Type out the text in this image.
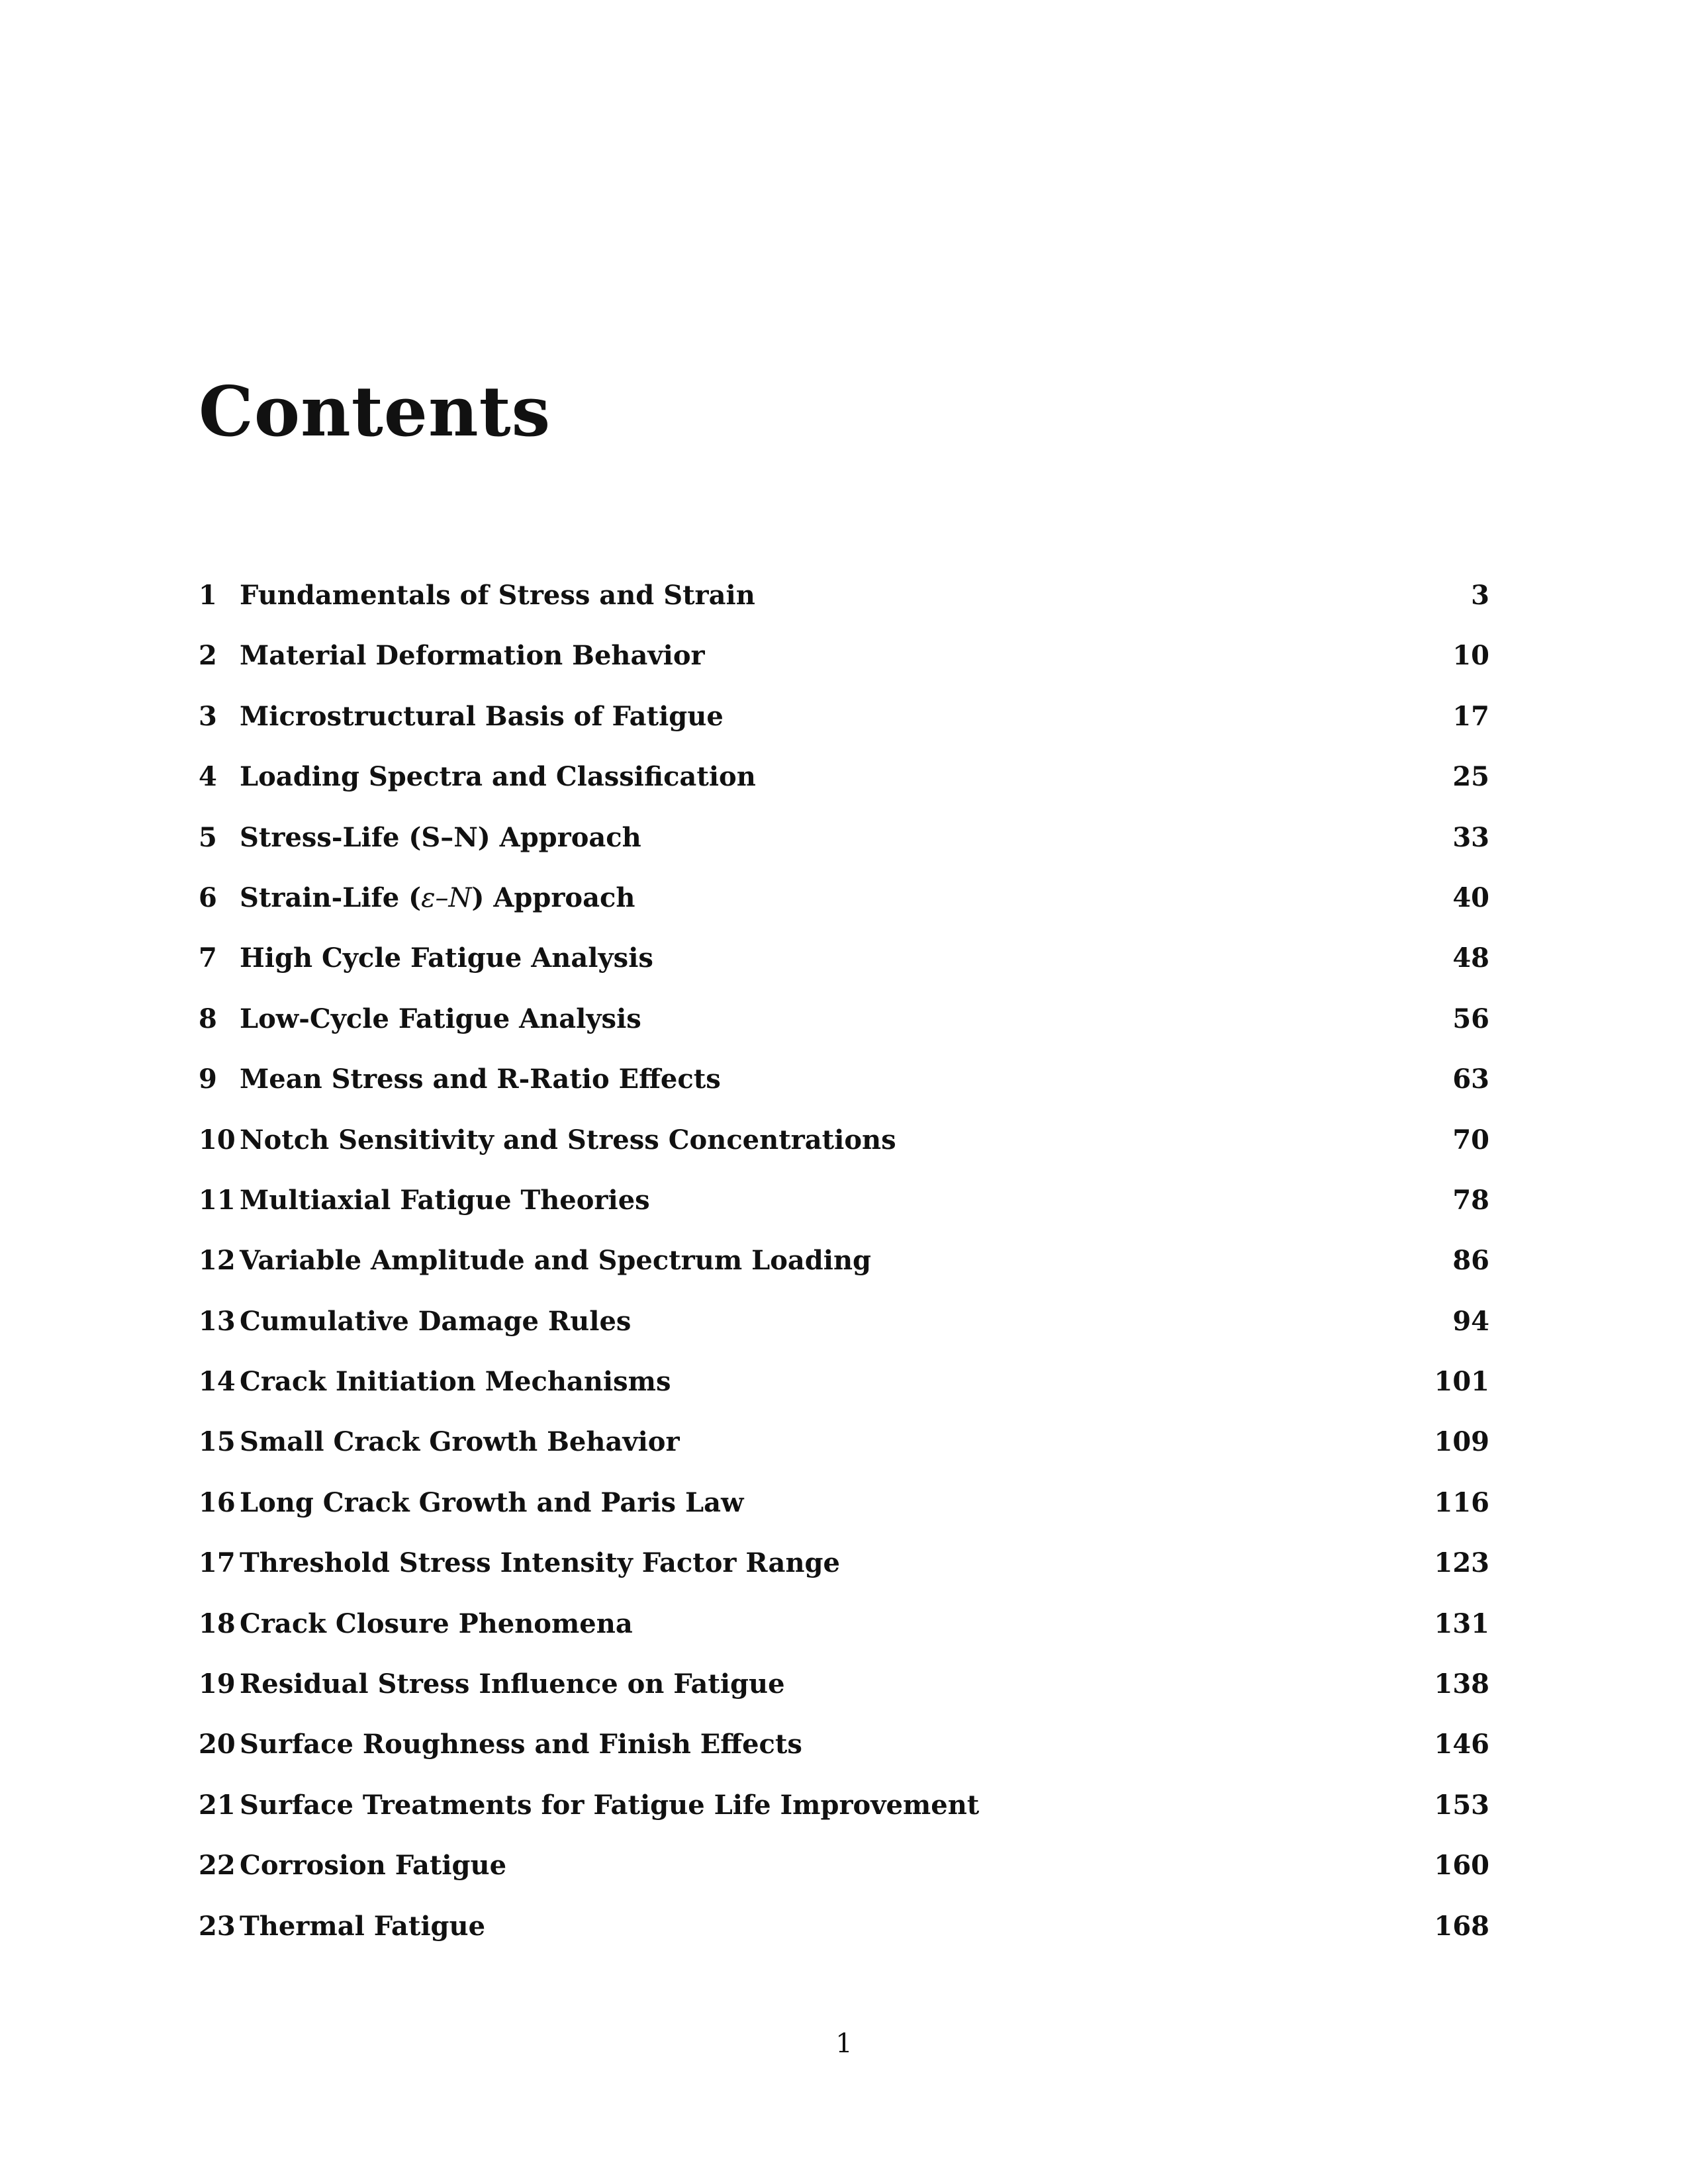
Contents
1 Fundamentals of Stress and Strain	3
2 Material Deformation Behavior	10
3 Microstructural Basis of Fatigue	17
4 Loading Spectra and Classification	25
5 Stress-Life (S–N) Approach	33
6 Strain-Life (ε–N) Approach	40
7 High Cycle Fatigue Analysis	48
8 Low-Cycle Fatigue Analysis	56
9 Mean Stress and R-Ratio Effects	63
10 Notch Sensitivity and Stress Concentrations	70
11 Multiaxial Fatigue Theories	78
12 Variable Amplitude and Spectrum Loading	86
13 Cumulative Damage Rules	94
14 Crack Initiation Mechanisms	101
15 Small Crack Growth Behavior	109
16 Long Crack Growth and Paris Law	116
17 Threshold Stress Intensity Factor Range	123
18 Crack Closure Phenomena	131
19 Residual Stress Influence on Fatigue	138
20 Surface Roughness and Finish Effects	146
21 Surface Treatments for Fatigue Life Improvement	153
22 Corrosion Fatigue	160
23 Thermal Fatigue	168
1
